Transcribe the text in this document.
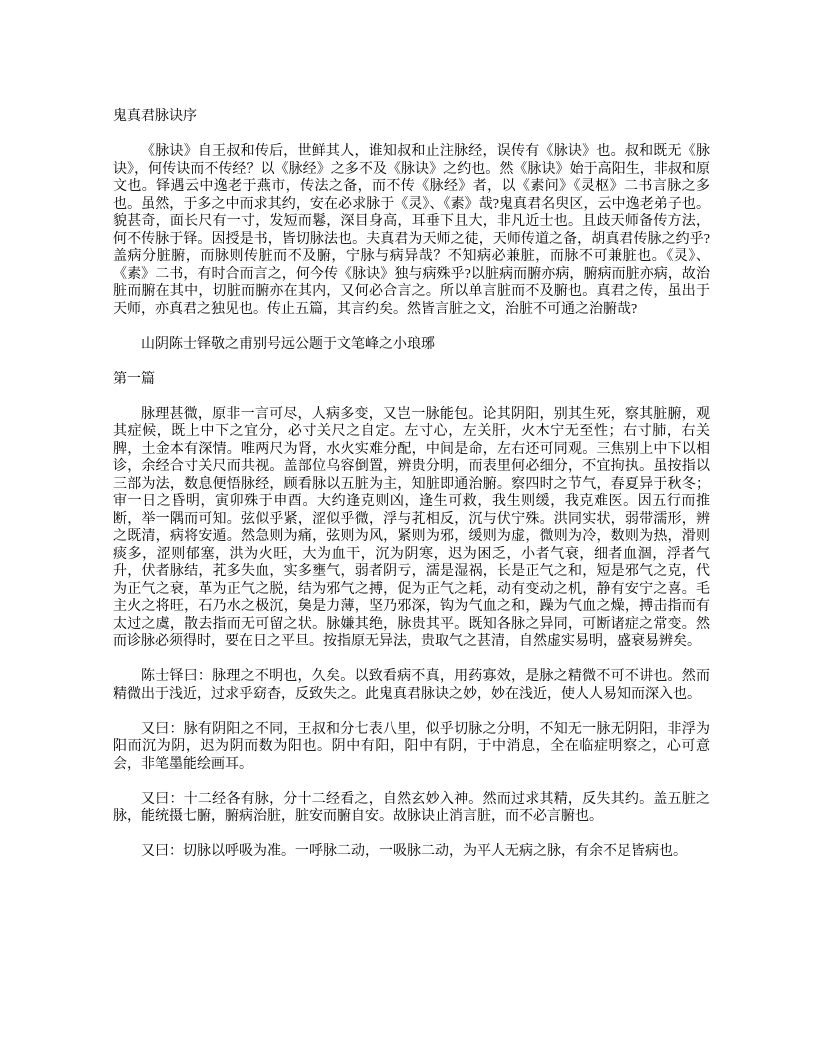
鬼真君脉诀序

《脉诀》自王叔和传后，世鲜其人，谁知叔和止注脉经，误传有《脉诀》也。叔和既无《脉诀》，何传诀而不传经？以《脉经》之多不及《脉诀》之约也。然《脉诀》始于高阳生，非叔和原文也。铎遇云中逸老于燕市，传法之备，而不传《脉经》者，以《素问》《灵枢》二书言脉之多也。虽然，于多之中而求其约，安在必求脉于《灵》、《素》哉?鬼真君名臾区，云中逸老弟子也。貌甚奇，面长尺有一寸，发短而鬈，深目身高，耳垂下且大，非凡近士也。且歧天师备传方法，何不传脉于铎。因授是书，皆切脉法也。夫真君为天师之徒，天师传道之备，胡真君传脉之约乎?盖病分脏腑，而脉则传脏而不及腑，宁脉与病异哉？不知病必兼脏，而脉不可兼脏也。《灵》、《素》二书，有时合而言之，何今传《脉诀》独与病殊乎?以脏病而腑亦病，腑病而脏亦病，故治脏而腑在其中，切脏而腑亦在其内，又何必合言之。所以单言脏而不及腑也。真君之传，虽出于天师，亦真君之独见也。传止五篇，其言约矣。然皆言脏之文，治脏不可通之治腑哉?

山阴陈士铎敬之甫别号远公题于文笔峰之小琅琊

第一篇

脉理甚微，原非一言可尽，人病多变，又岂一脉能包。论其阴阳，别其生死，察其脏腑，观其症候，既上中下之宜分，必寸关尺之自定。左寸心，左关肝，火木宁无至性；右寸肺，右关脾，土金本有深情。唯两尺为肾，水火实难分配，中间是命，左右还可同观。三焦别上中下以相诊，余经合寸关尺而共视。盖部位乌容倒置，辨贵分明，而表里何必细分，不宜拘执。虽按指以三部为法，数息便悟脉经，顾看脉以五脏为主，知脏即通治腑。察四时之节气，春夏异于秋冬；审一日之昏明，寅卯殊于申酉。大约逢克则凶，逢生可救，我生则缓，我克难医。因五行而推断，举一隅而可知。弦似乎紧，涩似乎微，浮与芤相反，沉与伏宁殊。洪同实状，弱带濡形，辨之既清，病将安遁。然急则为痛，弦则为风，紧则为邪，缓则为虚，微则为冷，数则为热，滑则痰多，涩则郁塞，洪为火旺，大为血干，沉为阴寒，迟为困乏，小者气衰，细者血涸，浮者气升，伏者脉结，芤多失血，实多壅气，弱者阴亏，濡是湿祸，长是正气之和，短是邪气之克，代为正气之衰，革为正气之脱，结为邪气之搏，促为正气之耗，动有变动之机，静有安宁之喜。毛主火之将旺，石乃水之极沉，㚟是力薄，坚乃邪深，钩为气血之和，躁为气血之燥，搏击指而有太过之虞，散去指而无可留之状。脉嫌其绝，脉贵其平。既知各脉之异同，可断诸症之常变。然而诊脉必须得时，要在日之平旦。按指原无异法，贵取气之甚清，自然虚实易明，盛衰易辨矣。

陈士铎曰：脉理之不明也，久矣。以致看病不真，用药寡效，是脉之精微不可不讲也。然而精微出于浅近，过求乎窈杳，反致失之。此鬼真君脉诀之妙，妙在浅近，使人人易知而深入也。

又曰：脉有阴阳之不同，王叔和分七表八里，似乎切脉之分明，不知无一脉无阴阳，非浮为阳而沉为阴，迟为阴而数为阳也。阴中有阳，阳中有阴，于中消息，全在临症明察之，心可意会，非笔墨能绘画耳。

又曰：十二经各有脉，分十二经看之，自然玄妙入神。然而过求其精，反失其约。盖五脏之脉，能统摄七腑，腑病治脏，脏安而腑自安。故脉诀止消言脏，而不必言腑也。

又曰：切脉以呼吸为准。一呼脉二动，一吸脉二动，为平人无病之脉，有余不足皆病也。
